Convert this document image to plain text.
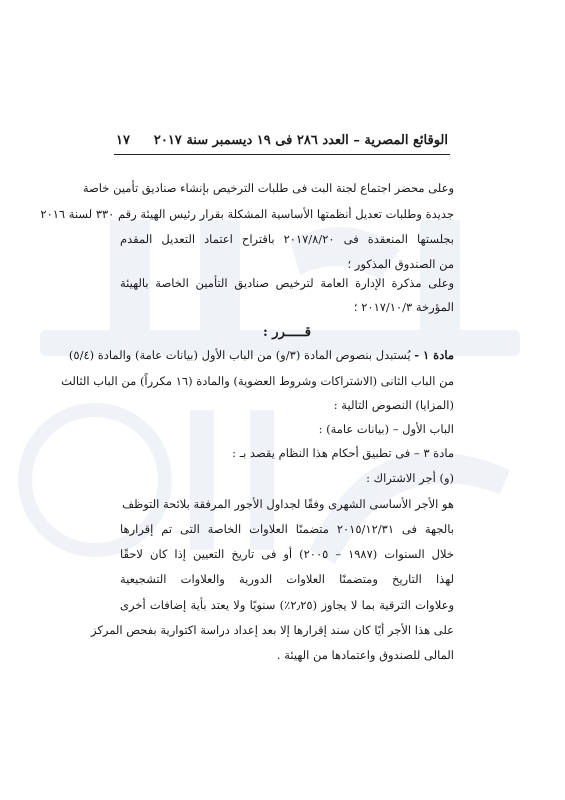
الوقائع المصرية – العدد ٢٨٦ فى ١٩ ديسمبر سنة ٢٠١٧
١٧
وعلى محضر اجتماع لجنة البت فى طلبات الترخيص بإنشاء صناديق تأمين خاصة
جديدة وطلبات تعديل أنظمتها الأساسية المشكلة بقرار رئيس الهيئة رقم ٣٣٠ لسنة ٢٠١٦
بجلستها المنعقدة فى ٢٠١٧/٨/٢٠ باقتراح اعتماد التعديل المقدم
من الصندوق المذكور ؛
وعلى مذكرة الإدارة العامة لترخيص صناديق التأمين الخاصة بالهيئة
المؤرخة ٢٠١٧/١٠/٣ ؛
قـــــرر :
مادة ١ - يُستبدل بنصوص المادة (٣/و) من الباب الأول (بيانات عامة) والمادة (٥/٤)
من الباب الثانى (الاشتراكات وشروط العضوية) والمادة (١٦ مكرراً) من الباب الثالث
(المزايا) النصوص التالية :
الباب الأول – (بيانات عامة) :
مادة ٣ – فى تطبيق أحكام هذا النظام يقصد بـ :
(و) أجر الاشتراك :
هو الأجر الأساسى الشهرى وفقًا لجداول الأجور المرفقة بلائحة التوظف
بالجهة فى ٢٠١٥/١٢/٣١ متضمنًا العلاوات الخاصة التى تم إقرارها
خلال السنوات (١٩٨٧ – ٢٠٠٥) أو فى تاريخ التعيين إذا كان لاحقًا
لهذا التاريخ ومتضمنًا العلاوات الدورية والعلاوات التشجيعية
وعلاوات الترقية بما لا يجاوز (٢٫٢٥٪) سنويًا ولا يعتد بأية إضافات أخرى
على هذا الأجر أيًا كان سند إقرارها إلا بعد إعداد دراسة اكتوارية بفحص المركز
المالى للصندوق واعتمادها من الهيئة .
